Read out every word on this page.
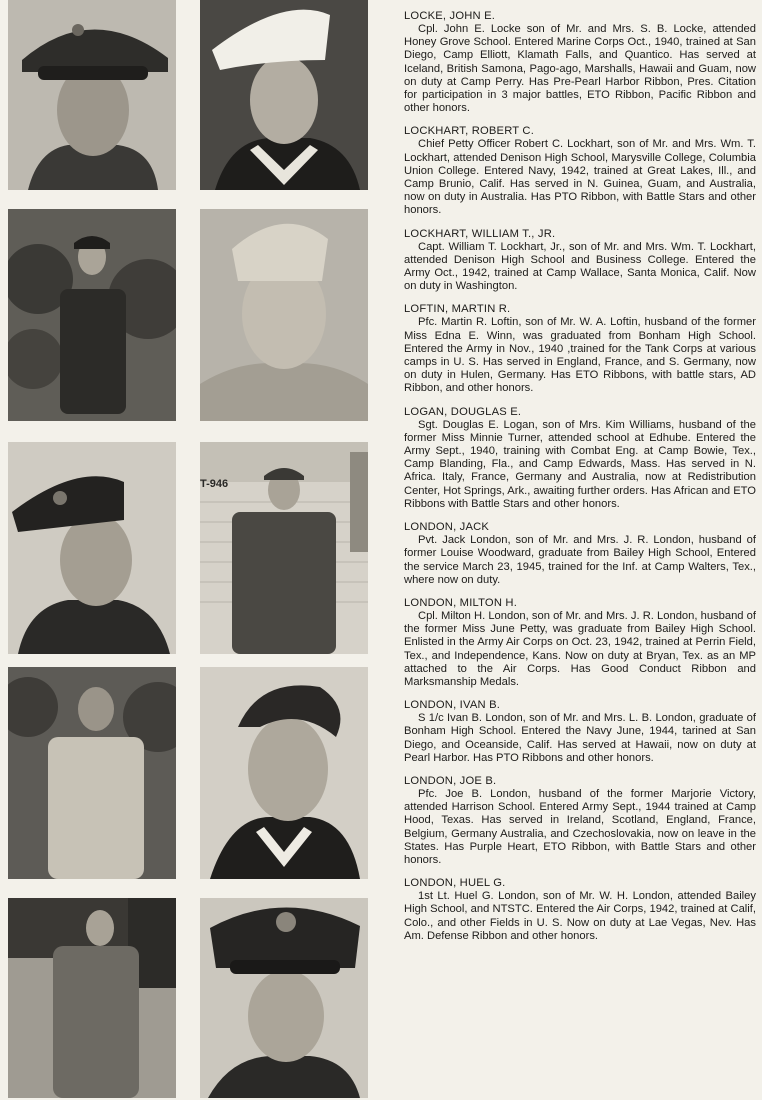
LOCKE, JOHN E.

Cpl. John E. Locke son of Mr. and Mrs. S. B. Locke, attended Honey Grove School. Entered Marine Corps Oct., 1940, trained at San Diego, Camp Elliott, Klamath Falls, and Quantico. Has served at Iceland, British Samona, Pago-ago, Marshalls, Hawaii and Guam, now on duty at Camp Perry. Has Pre-Pearl Harbor Ribbon, Pres. Citation for participation in 3 major battles, ETO Ribbon, Pacific Ribbon and other honors.

LOCKHART, ROBERT C.

Chief Petty Officer Robert C. Lockhart, son of Mr. and Mrs. Wm. T. Lockhart, attended Denison High School, Marysville College, Columbia Union College. Entered Navy, 1942, trained at Great Lakes, Ill., and Camp Brunio, Calif. Has served in N. Guinea, Guam, and Australia, now on duty in Australia. Has PTO Ribbon, with Battle Stars and other honors.

LOCKHART, WILLIAM T., JR.

Capt. William T. Lockhart, Jr., son of Mr. and Mrs. Wm. T. Lockhart, attended Denison High School and Business College. Entered the Army Oct., 1942, trained at Camp Wallace, Santa Monica, Calif. Now on duty in Washington.

LOFTIN, MARTIN R.

Pfc. Martin R. Loftin, son of Mr. W. A. Loftin, husband of the former Miss Edna E. Winn, was graduated from Bonham High School. Entered the Army in Nov., 1940 ,trained for the Tank Corps at various camps in U. S. Has served in England, France, and S. Germany, now on duty in Hulen, Germany. Has ETO Ribbons, with battle stars, AD Ribbon, and other honors.

LOGAN, DOUGLAS E.

Sgt. Douglas E. Logan, son of Mrs. Kim Williams, husband of the former Miss Minnie Turner, attended school at Edhube. Entered the Army Sept., 1940, training with Combat Eng. at Camp Bowie, Tex., Camp Blanding, Fla., and Camp Edwards, Mass. Has served in N. Africa. Italy, France, Germany and Australia, now at Redistribution Center, Hot Springs, Ark., awaiting further orders. Has African and ETO Ribbons with Battle Stars and other honors.

LONDON, JACK

Pvt. Jack London, son of Mr. and Mrs. J. R. London, husband of former Louise Woodward, graduate from Bailey High School, Entered the service March 23, 1945, trained for the Inf. at Camp Walters, Tex., where now on duty.

LONDON, MILTON H.

Cpl. Milton H. London, son of Mr. and Mrs. J. R. London, husband of the former Miss June Petty, was graduate from Bailey High School. Enlisted in the Army Air Corps on Oct. 23, 1942, trained at Perrin Field, Tex., and Independence, Kans. Now on duty at Bryan, Tex. as an MP attached to the Air Corps. Has Good Conduct Ribbon and Marksmanship Medals.

LONDON, IVAN B.

S 1/c Ivan B. London, son of Mr. and Mrs. L. B. London, graduate of Bonham High School. Entered the Navy June, 1944, tarined at San Diego, and Oceanside, Calif. Has served at Hawaii, now on duty at Pearl Harbor. Has PTO Ribbons and other honors.

LONDON, JOE B.

Pfc. Joe B. London, husband of the former Marjorie Victory, attended Harrison School. Entered Army Sept., 1944 trained at Camp Hood, Texas. Has served in Ireland, Scotland, England, France, Belgium, Germany Australia, and Czechoslovakia, now on leave in the States. Has Purple Heart, ETO Ribbon, with Battle Stars and other honors.

LONDON, HUEL G.

1st Lt. Huel G. London, son of Mr. W. H. London, attended Bailey High School, and NTSTC. Entered the Air Corps, 1942, trained at Calif, Colo., and other Fields in U. S. Now on duty at Lae Vegas, Nev. Has Am. Defense Ribbon and other honors.

T-946
